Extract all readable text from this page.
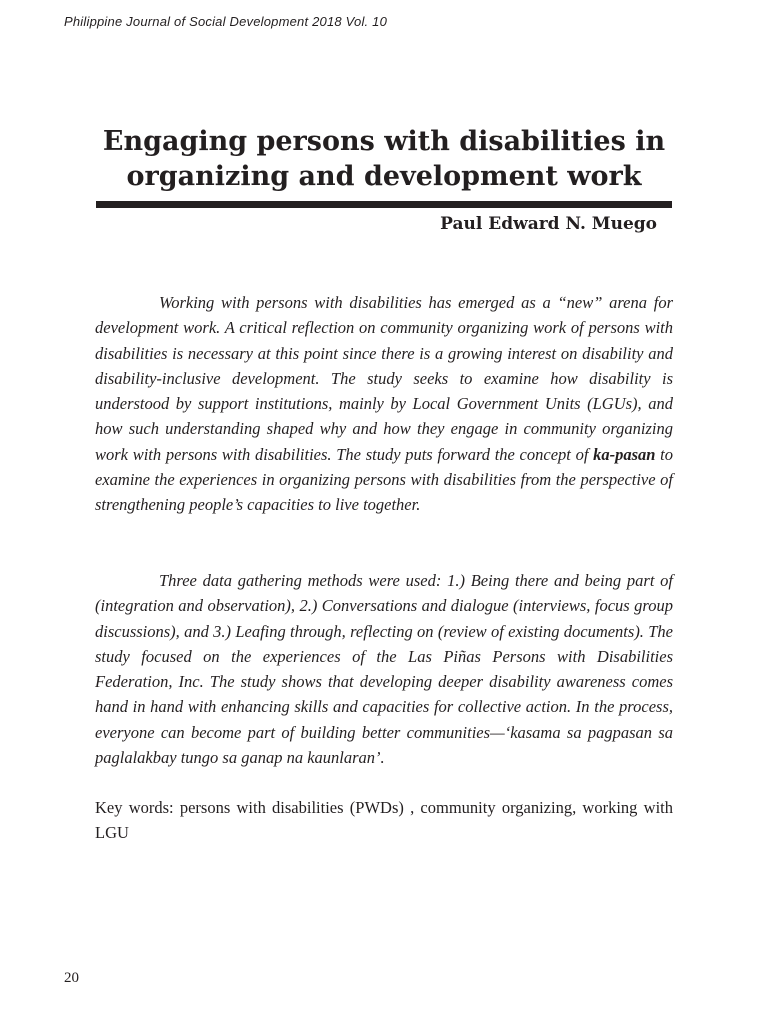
Philippine Journal of Social Development 2018 Vol. 10
Engaging persons with disabilities in
organizing and development work
Paul Edward N. Muego

Working with persons with disabilities has emerged as a “new” arena for development work. A critical reflection on community organizing work of persons with disabilities is necessary at this point since there is a growing interest on disability and disability-inclusive development. The study seeks to examine how disability is understood by support institutions, mainly by Local Government Units (LGUs), and how such understanding shaped why and how they engage in community organizing work with persons with disabilities. The study puts forward the concept of ka-pasan to examine the experiences in organizing persons with disabilities from the perspective of strengthening people’s capacities to live together.

Three data gathering methods were used: 1.) Being there and being part of (integration and observation), 2.) Conversations and dialogue (interviews, focus group discussions), and 3.) Leafing through, reflecting on (review of existing documents). The study focused on the experiences of the Las Piñas Persons with Disabilities Federation, Inc. The study shows that developing deeper disability awareness comes hand in hand with enhancing skills and capacities for collective action. In the process, everyone can become part of building better communities—‘kasama sa pagpasan sa paglalakbay tungo sa ganap na kaunlaran’.

Key words: persons with disabilities (PWDs) , community organizing, working with LGU

20
